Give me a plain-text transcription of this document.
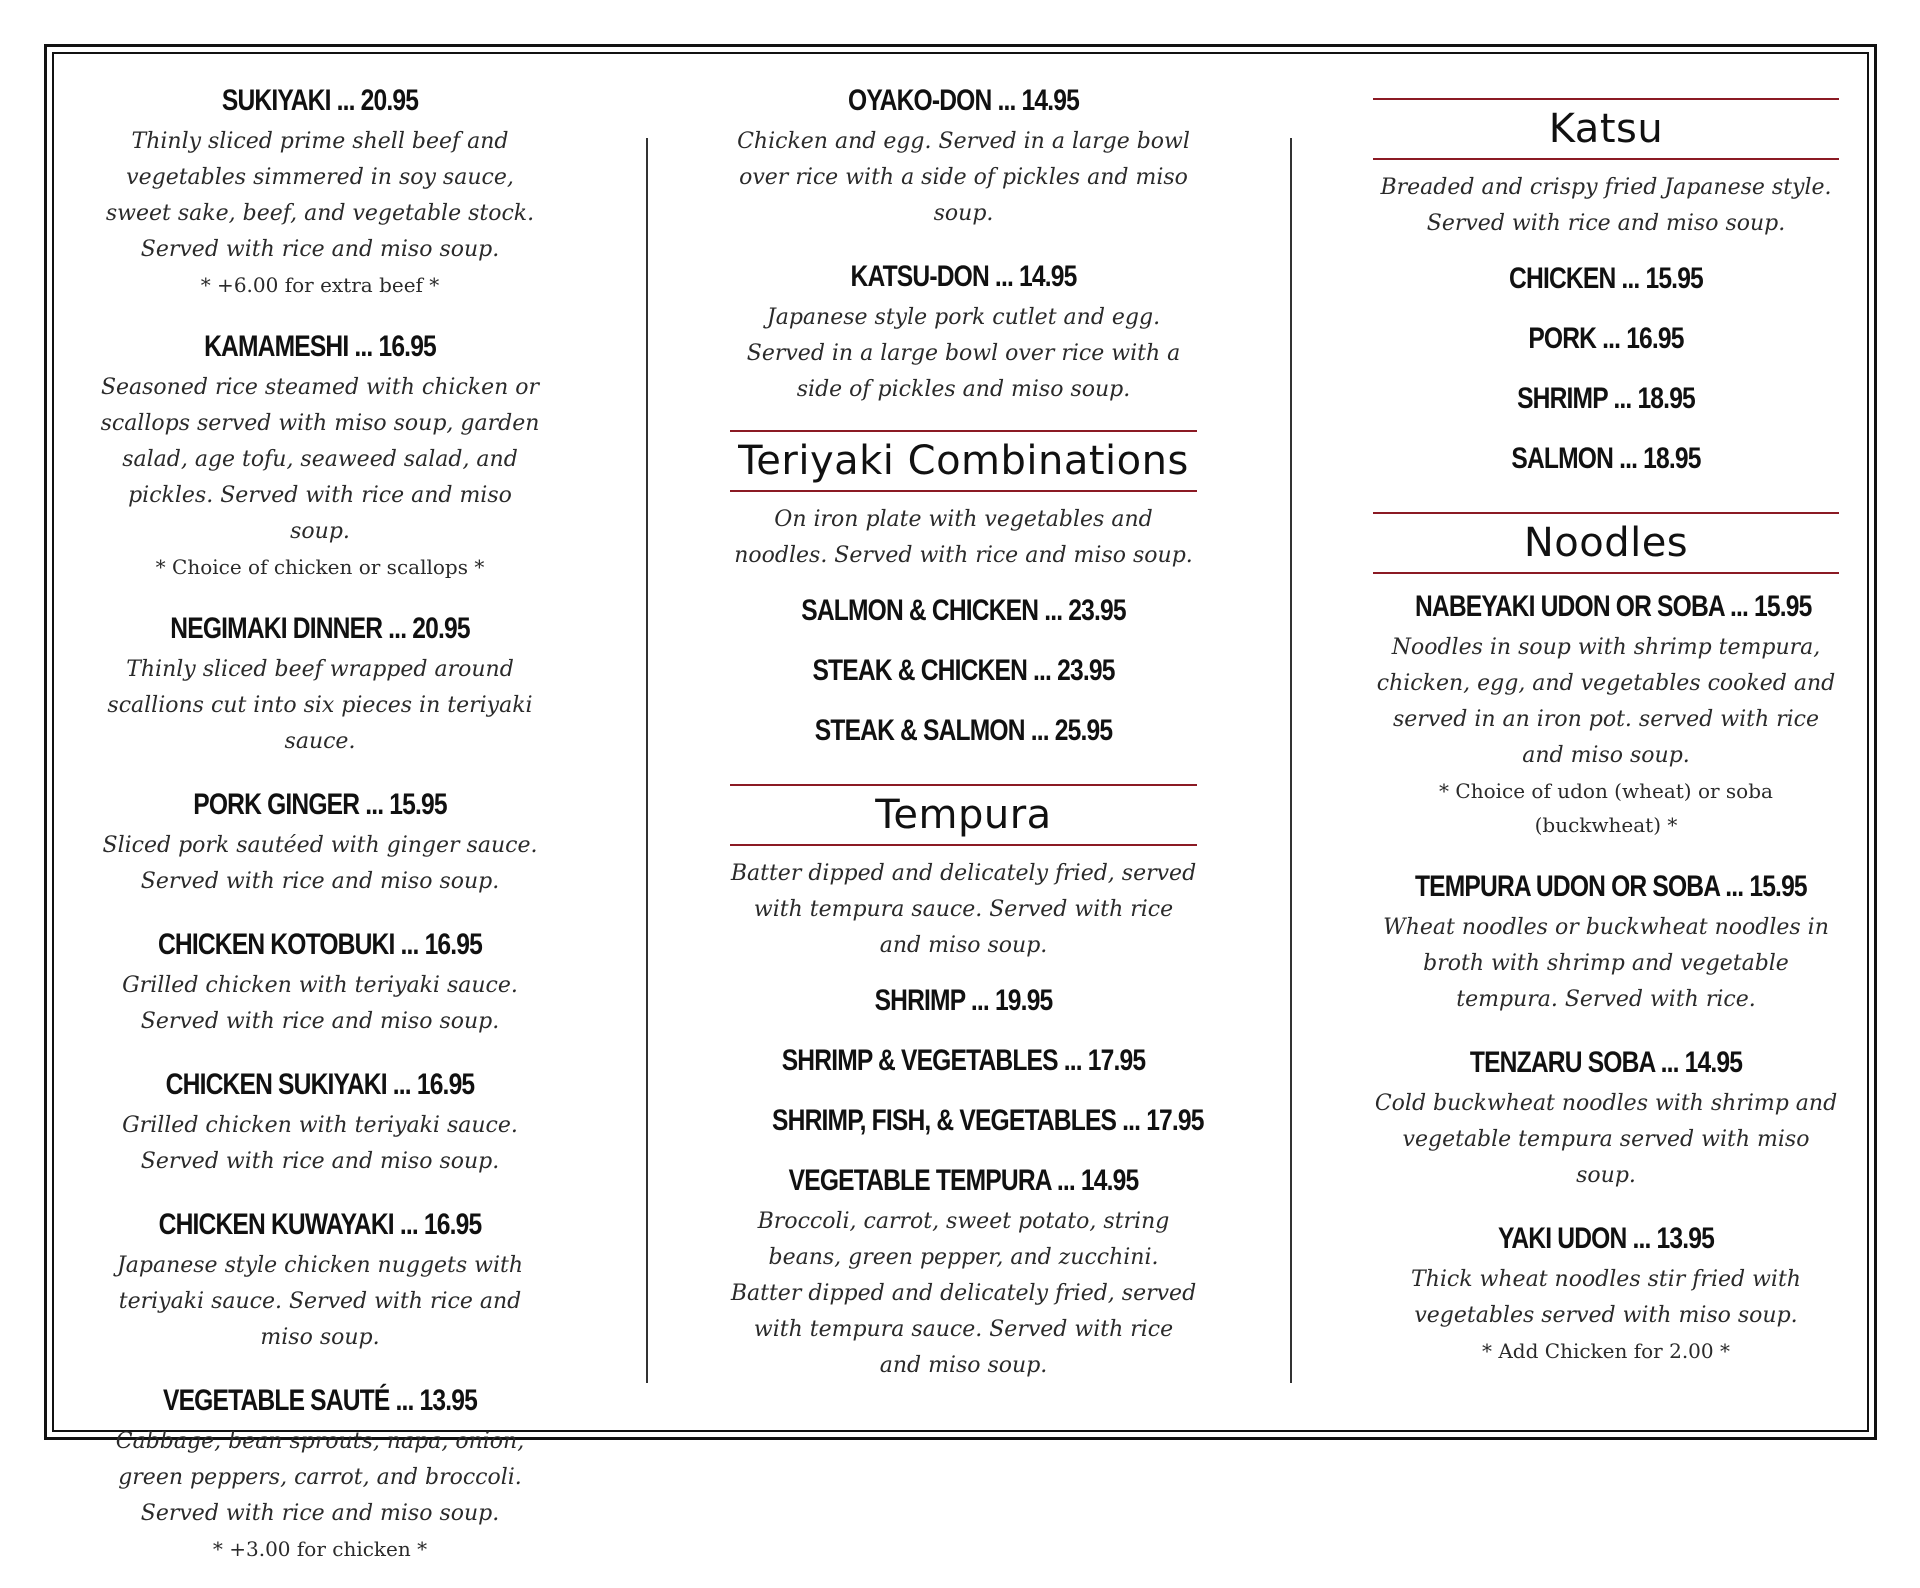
SUKIYAKI ... 20.95
Thinly sliced prime shell beef and vegetables simmered in soy sauce, sweet sake, beef, and vegetable stock. Served with rice and miso soup.
* +6.00 for extra beef *
KAMAMESHI ... 16.95
Seasoned rice steamed with chicken or scallops served with miso soup, garden salad, age tofu, seaweed salad, and pickles. Served with rice and miso soup.
* Choice of chicken or scallops *
NEGIMAKI DINNER ... 20.95
Thinly sliced beef wrapped around scallions cut into six pieces in teriyaki sauce.
PORK GINGER ... 15.95
Sliced pork sautéed with ginger sauce. Served with rice and miso soup.
CHICKEN KOTOBUKI ... 16.95
Grilled chicken with teriyaki sauce. Served with rice and miso soup.
CHICKEN SUKIYAKI ... 16.95
Grilled chicken with teriyaki sauce. Served with rice and miso soup.
CHICKEN KUWAYAKI ... 16.95
Japanese style chicken nuggets with teriyaki sauce. Served with rice and miso soup.
VEGETABLE SAUTÉ ... 13.95
Cabbage, bean sprouts, napa, onion, green peppers, carrot, and broccoli. Served with rice and miso soup.
* +3.00 for chicken *
OYAKO-DON ... 14.95
Chicken and egg. Served in a large bowl over rice with a side of pickles and miso soup.
KATSU-DON ... 14.95
Japanese style pork cutlet and egg. Served in a large bowl over rice with a side of pickles and miso soup.
Teriyaki Combinations
On iron plate with vegetables and noodles. Served with rice and miso soup.
SALMON & CHICKEN ... 23.95
STEAK & CHICKEN ... 23.95
STEAK & SALMON ... 25.95
Tempura
Batter dipped and delicately fried, served with tempura sauce. Served with rice and miso soup.
SHRIMP ... 19.95
SHRIMP & VEGETABLES ... 17.95
SHRIMP, FISH, & VEGETABLES ... 17.95
VEGETABLE TEMPURA ... 14.95
Broccoli, carrot, sweet potato, string beans, green pepper, and zucchini. Batter dipped and delicately fried, served with tempura sauce. Served with rice and miso soup.
Katsu
Breaded and crispy fried Japanese style. Served with rice and miso soup.
CHICKEN ... 15.95
PORK ... 16.95
SHRIMP ... 18.95
SALMON ... 18.95
Noodles
NABEYAKI UDON OR SOBA ... 15.95
Noodles in soup with shrimp tempura, chicken, egg, and vegetables cooked and served in an iron pot. served with rice and miso soup.
* Choice of udon (wheat) or soba (buckwheat) *
TEMPURA UDON OR SOBA ... 15.95
Wheat noodles or buckwheat noodles in broth with shrimp and vegetable tempura. Served with rice.
TENZARU SOBA ... 14.95
Cold buckwheat noodles with shrimp and vegetable tempura served with miso soup.
YAKI UDON ... 13.95
Thick wheat noodles stir fried with vegetables served with miso soup.
* Add Chicken for 2.00 *
